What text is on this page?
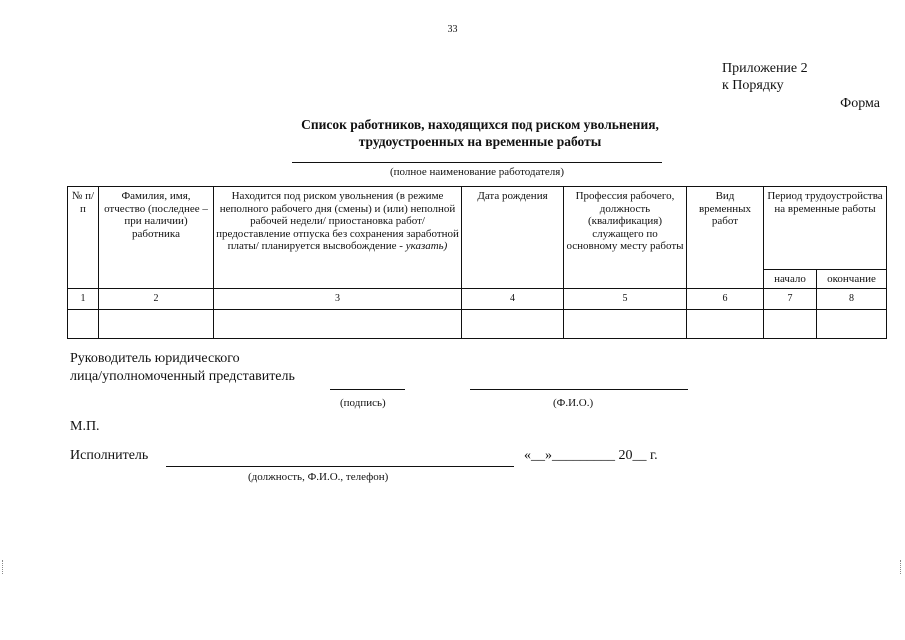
33
Приложение 2
к Порядку
Форма
Список работников, находящихся под риском увольнения,
трудоустроенных на временные работы
(полное наименование работодателя)
№ п/п	Фамилия, имя, отчество (последнее – при наличии) работника	Находится под риском увольнения (в режиме неполного рабочего дня (смены) и (или) неполной рабочей недели/ приостановка работ/предоставление отпуска без сохранения заработной платы/ планируется высвобождение - указать)	Дата рождения	Профессия рабочего, должность (квалификация) служащего по основному месту работы	Вид временных работ	Период трудоустройства на временные работы	
						начало	окончание
1	2	3	4	5	6	7	8

Руководитель юридического
лица/уполномоченный представитель
(подпись)	(Ф.И.О.)
М.П.
Исполнитель
(должность, Ф.И.О., телефон)
«__»_________ 20__ г.
